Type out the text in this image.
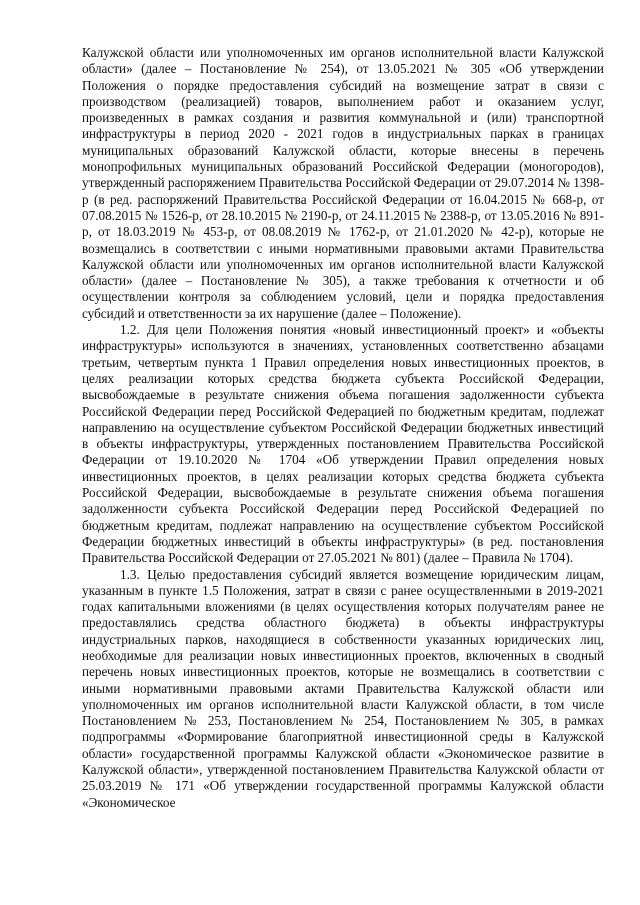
Калужской области или уполномоченных им органов исполнительной власти Калужской области» (далее – Постановление № 254), от 13.05.2021 № 305 «Об утверждении Положения о порядке предоставления субсидий на возмещение затрат в связи с производством (реализацией) товаров, выполнением работ и оказанием услуг, произведенных в рамках создания и развития коммунальной и (или) транспортной инфраструктуры в период 2020 - 2021 годов в индустриальных парках в границах муниципальных образований Калужской области, которые внесены в перечень монопрофильных муниципальных образований Российской Федерации (моногородов), утвержденный распоряжением Правительства Российской Федерации от 29.07.2014 № 1398-р (в ред. распоряжений Правительства Российской Федерации от 16.04.2015 № 668-р, от 07.08.2015 № 1526-р, от 28.10.2015 № 2190-р, от 24.11.2015 № 2388-р, от 13.05.2016 № 891-р, от 18.03.2019 № 453-р, от 08.08.2019 № 1762-р, от 21.01.2020 № 42-р), которые не возмещались в соответствии с иными нормативными правовыми актами Правительства Калужской области или уполномоченных им органов исполнительной власти Калужской области» (далее – Постановление № 305), а также требования к отчетности и об осуществлении контроля за соблюдением условий, цели и порядка предоставления субсидий и ответственности за их нарушение (далее – Положение).

1.2. Для цели Положения понятия «новый инвестиционный проект» и «объекты инфраструктуры» используются в значениях, установленных соответственно абзацами третьим, четвертым пункта 1 Правил определения новых инвестиционных проектов, в целях реализации которых средства бюджета субъекта Российской Федерации, высвобождаемые в результате снижения объема погашения задолженности субъекта Российской Федерации перед Российской Федерацией по бюджетным кредитам, подлежат направлению на осуществление субъектом Российской Федерации бюджетных инвестиций в объекты инфраструктуры, утвержденных постановлением Правительства Российской Федерации от 19.10.2020 № 1704 «Об утверждении Правил определения новых инвестиционных проектов, в целях реализации которых средства бюджета субъекта Российской Федерации, высвобождаемые в результате снижения объема погашения задолженности субъекта Российской Федерации перед Российской Федерацией по бюджетным кредитам, подлежат направлению на осуществление субъектом Российской Федерации бюджетных инвестиций в объекты инфраструктуры» (в ред. постановления Правительства Российской Федерации от 27.05.2021 № 801) (далее – Правила № 1704).

1.3. Целью предоставления субсидий является возмещение юридическим лицам, указанным в пункте 1.5 Положения, затрат в связи с ранее осуществленными в 2019-2021 годах капитальными вложениями (в целях осуществления которых получателям ранее не предоставлялись средства областного бюджета) в объекты инфраструктуры индустриальных парков, находящиеся в собственности указанных юридических лиц, необходимые для реализации новых инвестиционных проектов, включенных в сводный перечень новых инвестиционных проектов, которые не возмещались в соответствии с иными нормативными правовыми актами Правительства Калужской области или уполномоченных им органов исполнительной власти Калужской области, в том числе Постановлением № 253, Постановлением № 254, Постановлением № 305, в рамках подпрограммы «Формирование благоприятной инвестиционной среды в Калужской области» государственной программы Калужской области «Экономическое развитие в Калужской области», утвержденной постановлением Правительства Калужской области от 25.03.2019 № 171 «Об утверждении государственной программы Калужской области «Экономическое
